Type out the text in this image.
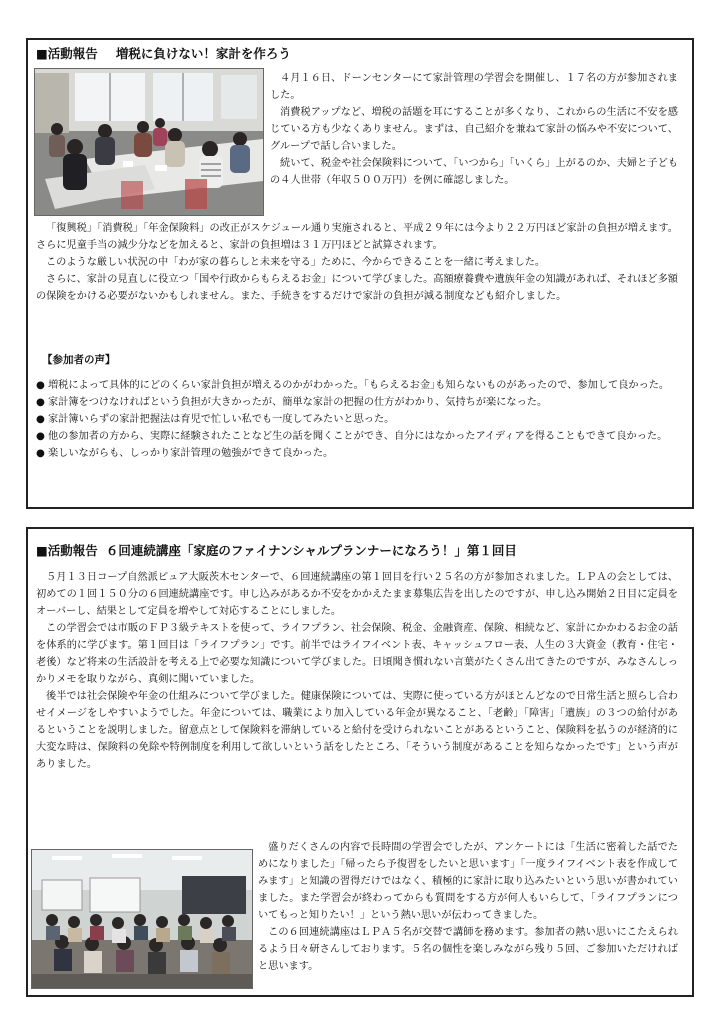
■活動報告 増税に負けない！家計を作ろう

４月１６日、ドーンセンターにて家計管理の学習会を開催し、１７名の方が参加されました。

消費税アップなど、増税の話題を耳にすることが多くなり、これからの生活に不安を感じている方も少なくありません。まずは、自己紹介を兼ねて家計の悩みや不安について、グループで話し合いました。

続いて、税金や社会保険料について、「いつから」「いくら」上がるのか、夫婦と子どもの４人世帯（年収５００万円）を例に確認しました。

「復興税」「消費税」「年金保険料」の改正がスケジュール通り実施されると、平成２９年には今より２２万円ほど家計の負担が増えます。さらに児童手当の減少分などを加えると、家計の負担増は３１万円ほどと試算されます。

このような厳しい状況の中「わが家の暮らしと未来を守る」ために、今からできることを一緒に考えました。

さらに、家計の見直しに役立つ「国や行政からもらえるお金」について学びました。高額療養費や遺族年金の知識があれば、それほど多額の保険をかける必要がないかもしれません。また、手続きをするだけで家計の負担が減る制度なども紹介しました。

【参加者の声】
● 増税によって具体的にどのくらい家計負担が増えるのかがわかった。｢もらえるお金｣も知らないものがあったので、参加して良かった。
● 家計簿をつけなければという負担が大きかったが、簡単な家計の把握の仕方がわかり、気持ちが楽になった。
● 家計簿いらずの家計把握法は育児で忙しい私でも一度してみたいと思った。
● 他の参加者の方から、実際に経験されたことなど生の話を聞くことができ、自分にはなかったアイディアを得ることもできて良かった。
● 楽しいながらも、しっかり家計管理の勉強ができて良かった。
■活動報告 ６回連続講座「家庭のファイナンシャルプランナーになろう！」第１回目

５月１３日コープ自然派ピュア大阪茨木センターで、６回連続講座の第１回目を行い２５名の方が参加されました。ＬＰＡの会としては、初めての１回１５０分の６回連続講座です。申し込みがあるか不安をかかえたまま募集広告を出したのですが、申し込み開始２日目に定員をオーバーし、結果として定員を増やして対応することにしました。

この学習会では市販のＦＰ３級テキストを使って、ライフプラン、社会保険、税金、金融資産、保険、相続など、家計にかかわるお金の話を体系的に学びます。第１回目は「ライフプラン」です。前半ではライフイベント表、キャッシュフロー表、人生の３大資金（教育・住宅・老後）など将来の生活設計を考える上で必要な知識について学びました。日頃聞き慣れない言葉がたくさん出てきたのですが、みなさんしっかりメモを取りながら、真剣に聞いていました。

後半では社会保険や年金の仕組みについて学びました。健康保険については、実際に使っている方がほとんどなので日常生活と照らし合わせイメージをしやすいようでした。年金については、職業により加入している年金が異なること、「老齢」「障害」「遺族」の３つの給付があるということを説明しました。留意点として保険料を滞納していると給付を受けられないことがあるということ、保険料を払うのが経済的に大変な時は、保険料の免除や特例制度を利用して欲しいという話をしたところ、「そういう制度があることを知らなかったです」という声がありました。

盛りだくさんの内容で長時間の学習会でしたが、アンケートには「生活に密着した話でためになりました」「帰ったら予復習をしたいと思います」「一度ライフイベント表を作成してみます」と知識の習得だけではなく、積極的に家計に取り込みたいという思いが書かれていました。また学習会が終わってからも質問をする方が何人もいらして、「ライフプランについてもっと知りたい！」という熱い思いが伝わってきました。

この６回連続講座はＬＰＡ５名が交替で講師を務めます。参加者の熱い思いにこたえられるよう日々研さんしております。５名の個性を楽しみながら残り５回、ご参加いただければと思います。
